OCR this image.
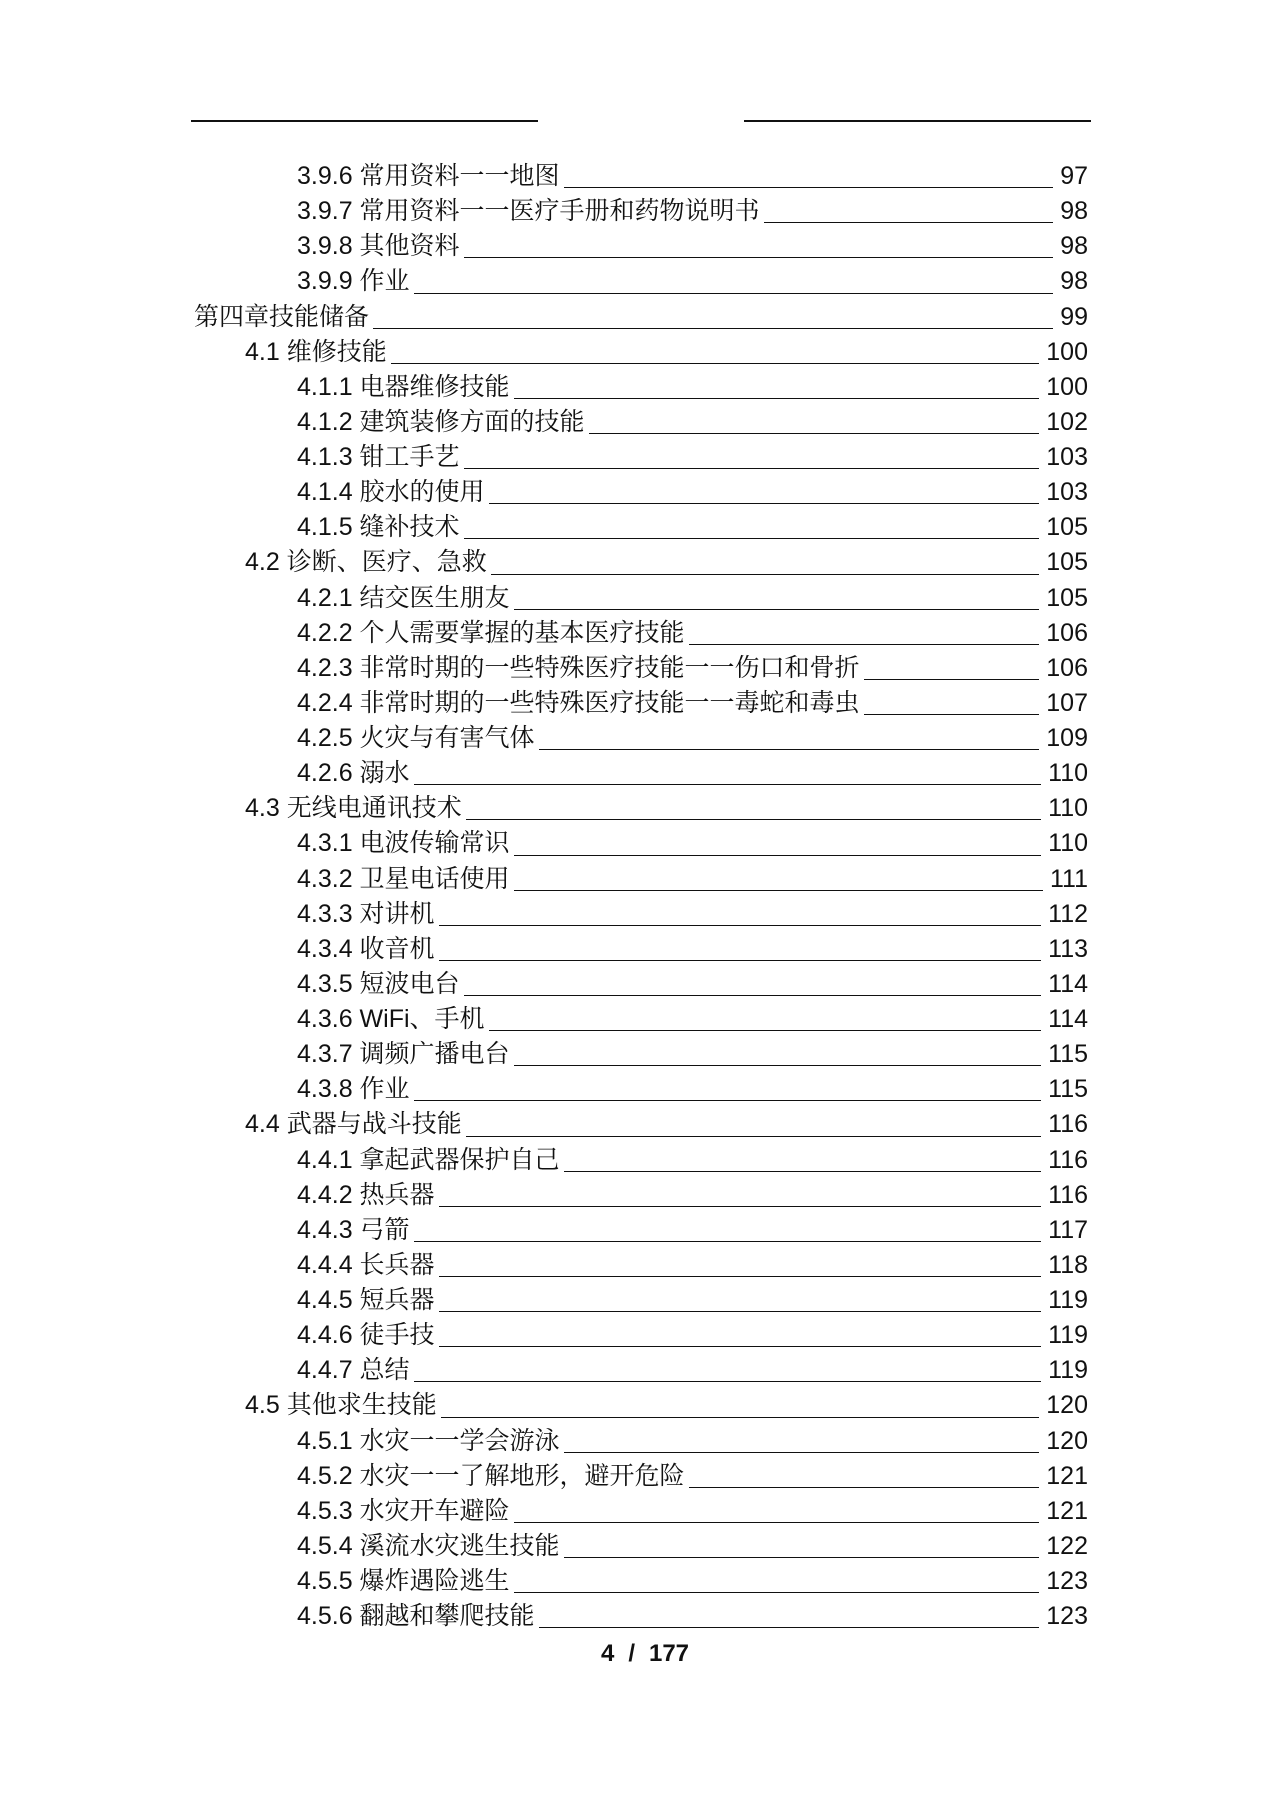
3.9.6 常用资料一一地图	97
3.9.7 常用资料一一医疗手册和药物说明书	98
3.9.8 其他资料	98
3.9.9 作业	98
第四章技能储备	99
4.1 维修技能	100
4.1.1 电器维修技能	100
4.1.2 建筑装修方面的技能	102
4.1.3 钳工手艺	103
4.1.4 胶水的使用	103
4.1.5 缝补技术	105
4.2 诊断、医疗、急救	105
4.2.1 结交医生朋友	105
4.2.2 个人需要掌握的基本医疗技能	106
4.2.3 非常时期的一些特殊医疗技能一一伤口和骨折	106
4.2.4 非常时期的一些特殊医疗技能一一毒蛇和毒虫	107
4.2.5 火灾与有害气体	109
4.2.6 溺水	110
4.3 无线电通讯技术	110
4.3.1 电波传输常识	110
4.3.2 卫星电话使用	111
4.3.3 对讲机	112
4.3.4 收音机	113
4.3.5 短波电台	114
4.3.6 WiFi、手机	114
4.3.7 调频广播电台	115
4.3.8 作业	115
4.4 武器与战斗技能	116
4.4.1 拿起武器保护自己	116
4.4.2 热兵器	116
4.4.3 弓箭	117
4.4.4 长兵器	118
4.4.5 短兵器	119
4.4.6 徒手技	119
4.4.7 总结	119
4.5 其他求生技能	120
4.5.1 水灾一一学会游泳	120
4.5.2 水灾一一了解地形，避开危险	121
4.5.3 水灾开车避险	121
4.5.4 溪流水灾逃生技能	122
4.5.5 爆炸遇险逃生	123
4.5.6 翻越和攀爬技能	123
4 / 177
